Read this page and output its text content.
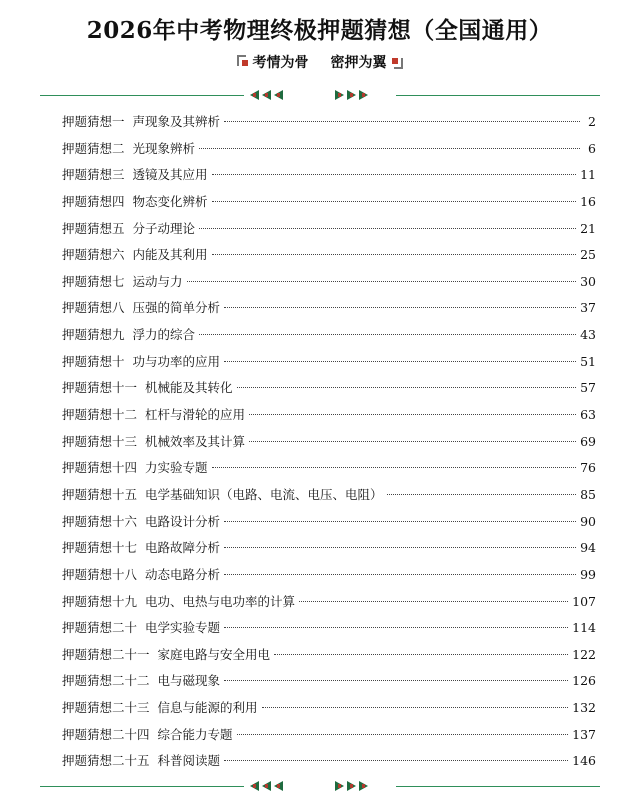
2026年中考物理终极押题猜想（全国通用）
考情为骨 密押为翼
押题猜想一 声现象及其辨析	2
押题猜想二 光现象辨析	6
押题猜想三 透镜及其应用	11
押题猜想四 物态变化辨析	16
押题猜想五 分子动理论	21
押题猜想六 内能及其利用	25
押题猜想七 运动与力	30
押题猜想八 压强的简单分析	37
押题猜想九 浮力的综合	43
押题猜想十 功与功率的应用	51
押题猜想十一 机械能及其转化	57
押题猜想十二 杠杆与滑轮的应用	63
押题猜想十三 机械效率及其计算	69
押题猜想十四 力实验专题	76
押题猜想十五 电学基础知识（电路、电流、电压、电阻）	85
押题猜想十六 电路设计分析	90
押题猜想十七 电路故障分析	94
押题猜想十八 动态电路分析	99
押题猜想十九 电功、电热与电功率的计算	107
押题猜想二十 电学实验专题	114
押题猜想二十一 家庭电路与安全用电	122
押题猜想二十二 电与磁现象	126
押题猜想二十三 信息与能源的利用	132
押题猜想二十四 综合能力专题	137
押题猜想二十五 科普阅读题	146
